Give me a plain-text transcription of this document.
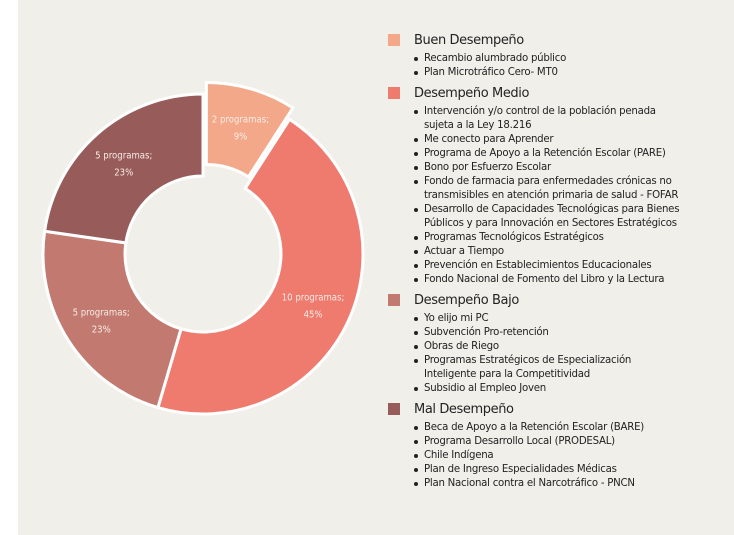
2 programas;
9%
10 programas;
45%
5 programas;
23%
5 programas;
23%
Buen Desempeño
Recambio alumbrado público
Plan Microtráfico Cero- MT0
Desempeño Medio
Intervención y/o control de la población penada
sujeta a la Ley 18.216
Me conecto para Aprender
Programa de Apoyo a la Retención Escolar (PARE)
Bono por Esfuerzo Escolar
Fondo de farmacia para enfermedades crónicas no
transmisibles en atención primaria de salud - FOFAR
Desarrollo de Capacidades Tecnológicas para Bienes
Públicos y para Innovación en Sectores Estratégicos
Programas Tecnológicos Estratégicos
Actuar a Tiempo
Prevención en Establecimientos Educacionales
Fondo Nacional de Fomento del Libro y la Lectura
Desempeño Bajo
Yo elijo mi PC
Subvención Pro-retención
Obras de Riego
Programas Estratégicos de Especialización
Inteligente para la Competitividad
Subsidio al Empleo Joven
Mal Desempeño
Beca de Apoyo a la Retención Escolar (BARE)
Programa Desarrollo Local (PRODESAL)
Chile Indígena
Plan de Ingreso Especialidades Médicas
Plan Nacional contra el Narcotráfico - PNCN
